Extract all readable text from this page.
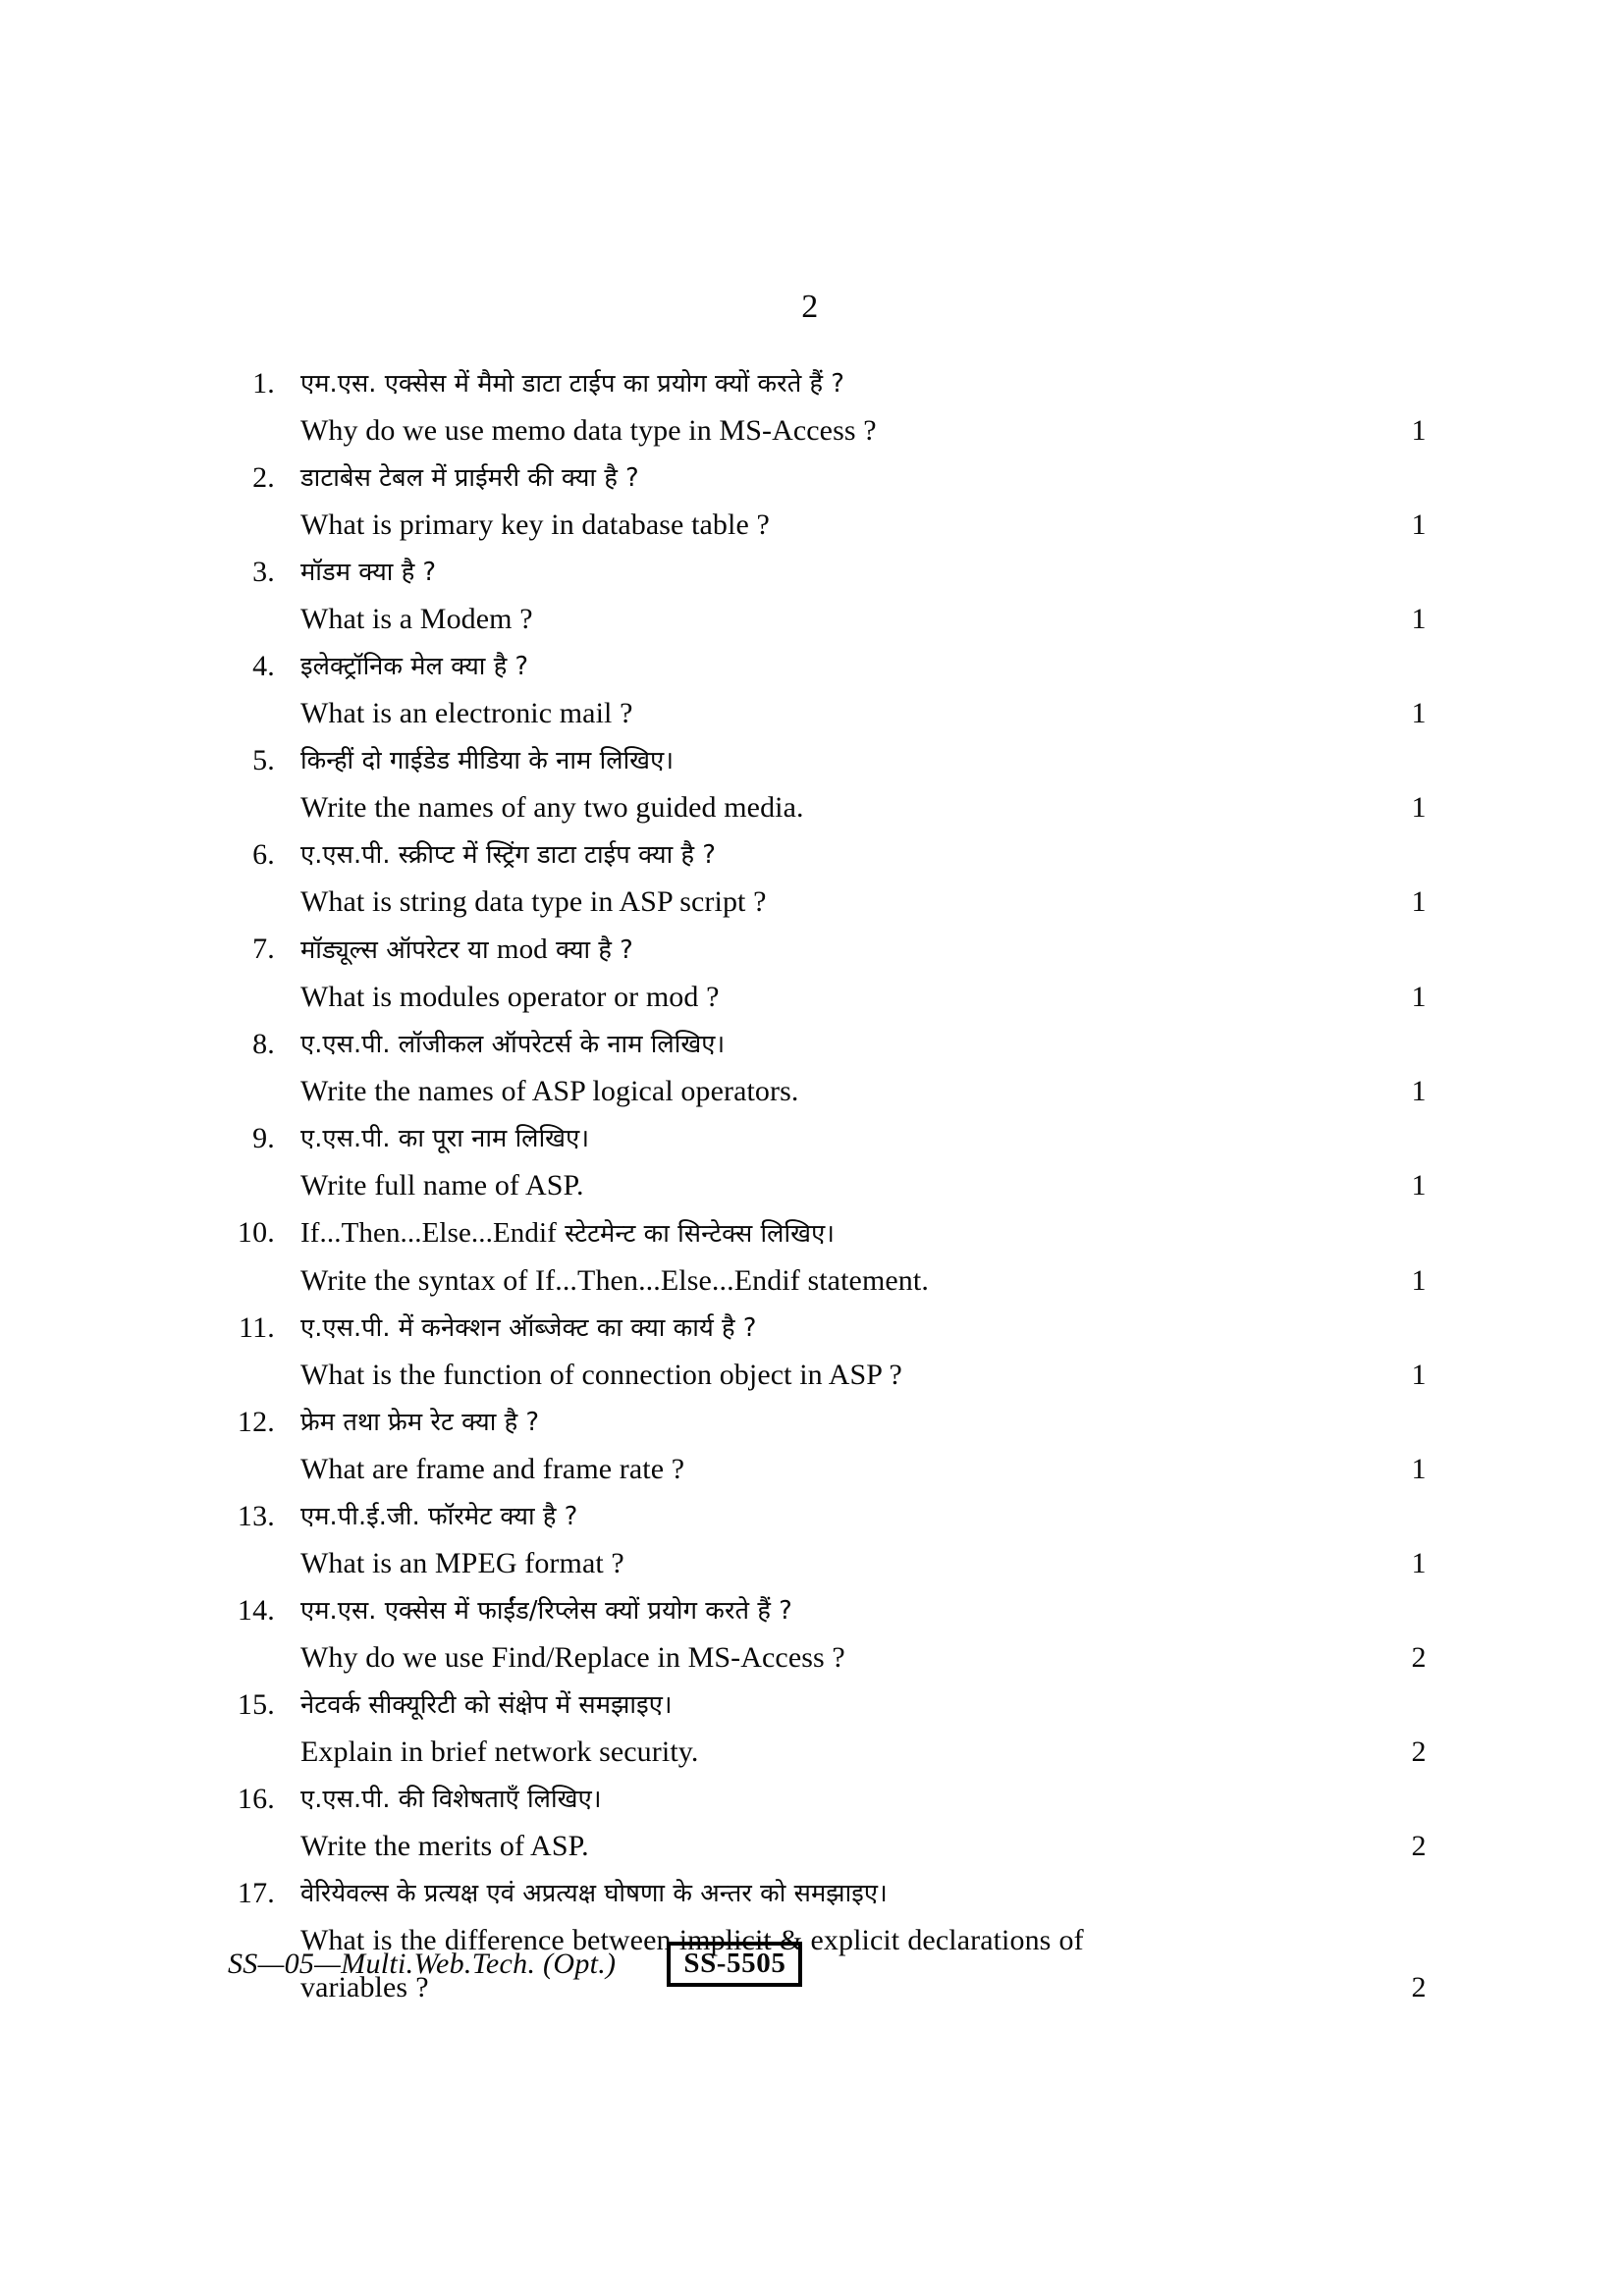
2
1. एम.एस. एक्सेस में मैमो डाटा टाईप का प्रयोग क्यों करते हैं ?
Why do we use memo data type in MS-Access ?	1
2. डाटाबेस टेबल में प्राईमरी की क्या है ?
What is primary key in database table ?	1
3. मॉडम क्या है ?
What is a Modem ?	1
4. इलेक्ट्रॉनिक मेल क्या है ?
What is an electronic mail ?	1
5. किन्हीं दो गाईडेड मीडिया के नाम लिखिए।
Write the names of any two guided media.	1
6. ए.एस.पी. स्क्रीप्ट में स्ट्रिंग डाटा टाईप क्या है ?
What is string data type in ASP script ?	1
7. मॉड्यूल्स ऑपरेटर या mod क्या है ?
What is modules operator or mod ?	1
8. ए.एस.पी. लॉजीकल ऑपरेटर्स के नाम लिखिए।
Write the names of ASP logical operators.	1
9. ए.एस.पी. का पूरा नाम लिखिए।
Write full name of ASP.	1
10. If...Then...Else...Endif स्टेटमेन्ट का सिन्टेक्स लिखिए।
Write the syntax of If...Then...Else...Endif statement.	1
11. ए.एस.पी. में कनेक्शन ऑब्जेक्ट का क्या कार्य है ?
What is the function of connection object in ASP ?	1
12. फ्रेम तथा फ्रेम रेट क्या है ?
What are frame and frame rate ?	1
13. एम.पी.ई.जी. फॉरमेट क्या है ?
What is an MPEG format ?	1
14. एम.एस. एक्सेस में फाईंड/रिप्लेस क्यों प्रयोग करते हैं ?
Why do we use Find/Replace in MS-Access ?	2
15. नेटवर्क सीक्यूरिटी को संक्षेप में समझाइए।
Explain in brief network security.	2
16. ए.एस.पी. की विशेषताएँ लिखिए।
Write the merits of ASP.	2
17. वेरियेवल्स के प्रत्यक्ष एवं अप्रत्यक्ष घोषणा के अन्तर को समझाइए।
What is the difference between implicit & explicit declarations of
variables ?	2
SS—05—Multi.Web.Tech. (Opt.)	SS-5505
